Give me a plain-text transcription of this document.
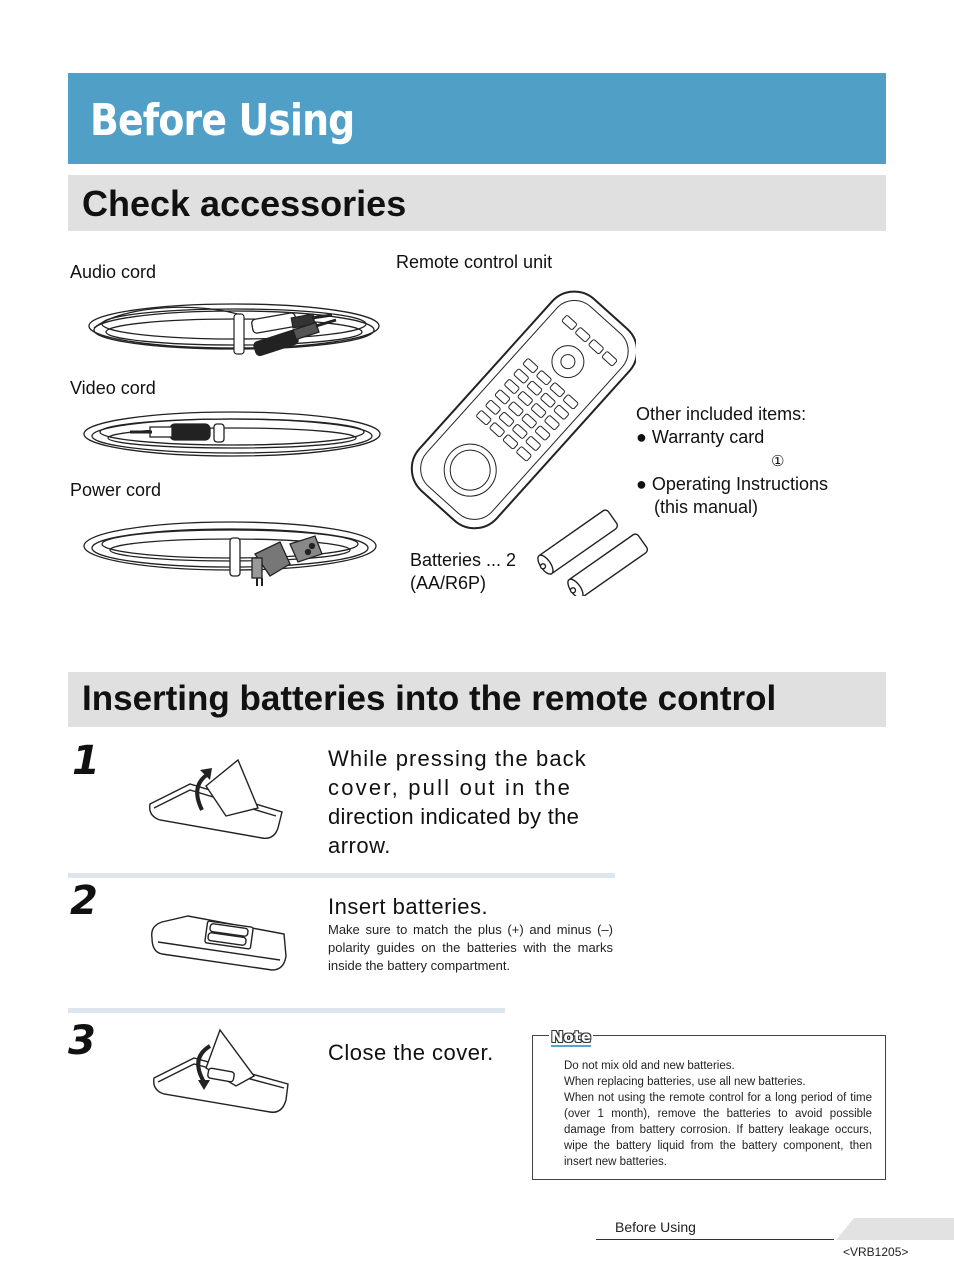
Before Using
Check accessories
Audio cord
Video cord
Power cord
Remote control unit
Batteries ... 2
(AA/R6P)
Other included items:
● Warranty card
①
● Operating Instructions
(this manual)
Inserting batteries into the remote control
1	While pressing the back
cover, pull out in the
direction indicated by the
arrow.
2	Insert batteries.
Make sure to match the plus (+) and minus (–) polarity guides on the batteries with the marks inside the battery compartment.
3	Close the cover.
Note
Do not mix old and new batteries.
When replacing batteries, use all new batteries.
When not using the remote control for a long period of time (over 1 month), remove the batteries to avoid possible damage from battery corrosion. If battery leakage occurs, wipe the battery liquid from the battery component, then insert new batteries.
Before Using
<VRB1205>
